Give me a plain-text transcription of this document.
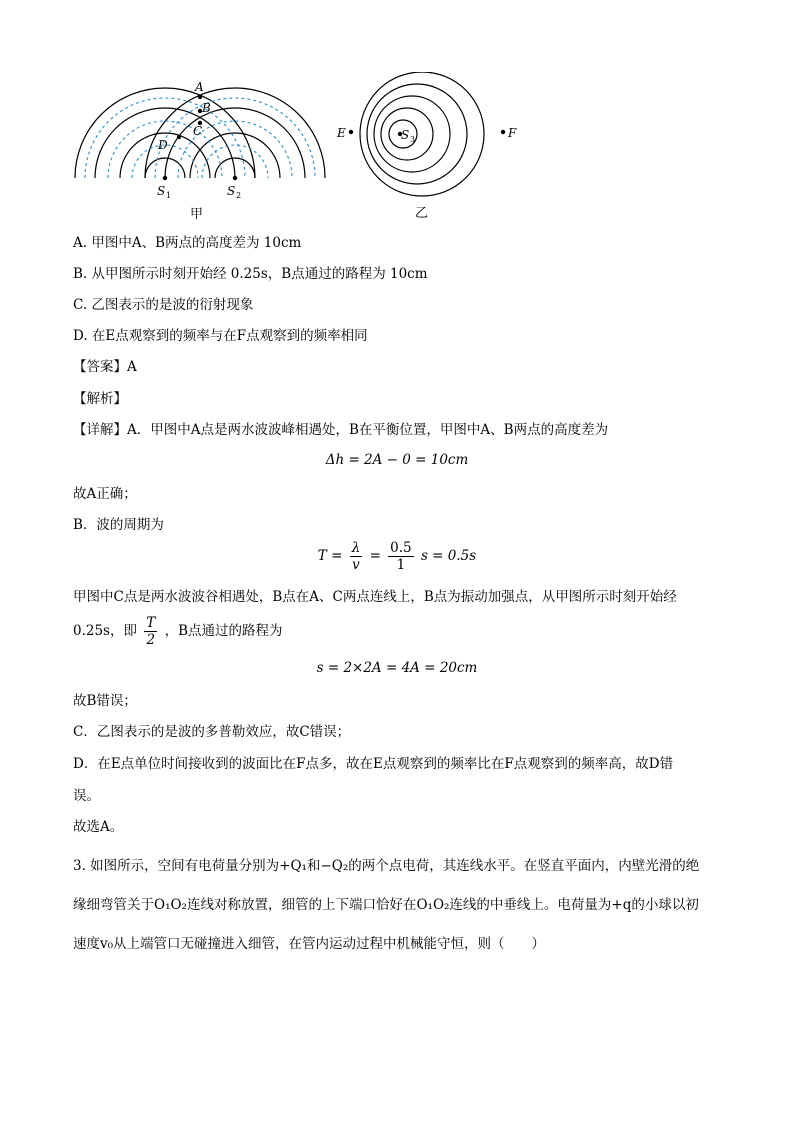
A
B
C
D
S 1	S 2
甲
S 3
E	F
乙
A. 甲图中A、B两点的高度差为 10cm
B. 从甲图所示时刻开始经 0.25s，B点通过的路程为 10cm
C. 乙图表示的是波的衍射现象
D. 在E点观察到的频率与在F点观察到的频率相同
【答案】A
【解析】
【详解】A．甲图中A点是两水波波峰相遇处，B在平衡位置，甲图中A、B两点的高度差为
Δh = 2A − 0 = 10cm
故A正确；
B．波的周期为
$T = \frac{\lambda}{v} = \frac{0.5}{1}$ s = 0.5s
甲图中C点是两水波波谷相遇处，B点在A、C两点连线上，B点为振动加强点，从甲图所示时刻开始经
0.25s，即 $\frac{T}{2}$ ，B点通过的路程为
s = 2×2A = 4A = 20cm
故B错误；
C．乙图表示的是波的多普勒效应，故C错误；
D．在E点单位时间接收到的波面比在F点多，故在E点观察到的频率比在F点观察到的频率高，故D错
误。
故选A。
3. 如图所示，空间有电荷量分别为+Q₁和−Q₂的两个点电荷，其连线水平。在竖直平面内，内壁光滑的绝
缘细弯管关于O₁O₂连线对称放置，细管的上下端口恰好在O₁O₂连线的中垂线上。电荷量为+q的小球以初
速度v₀从上端管口无碰撞进入细管，在管内运动过程中机械能守恒，则（　　）
